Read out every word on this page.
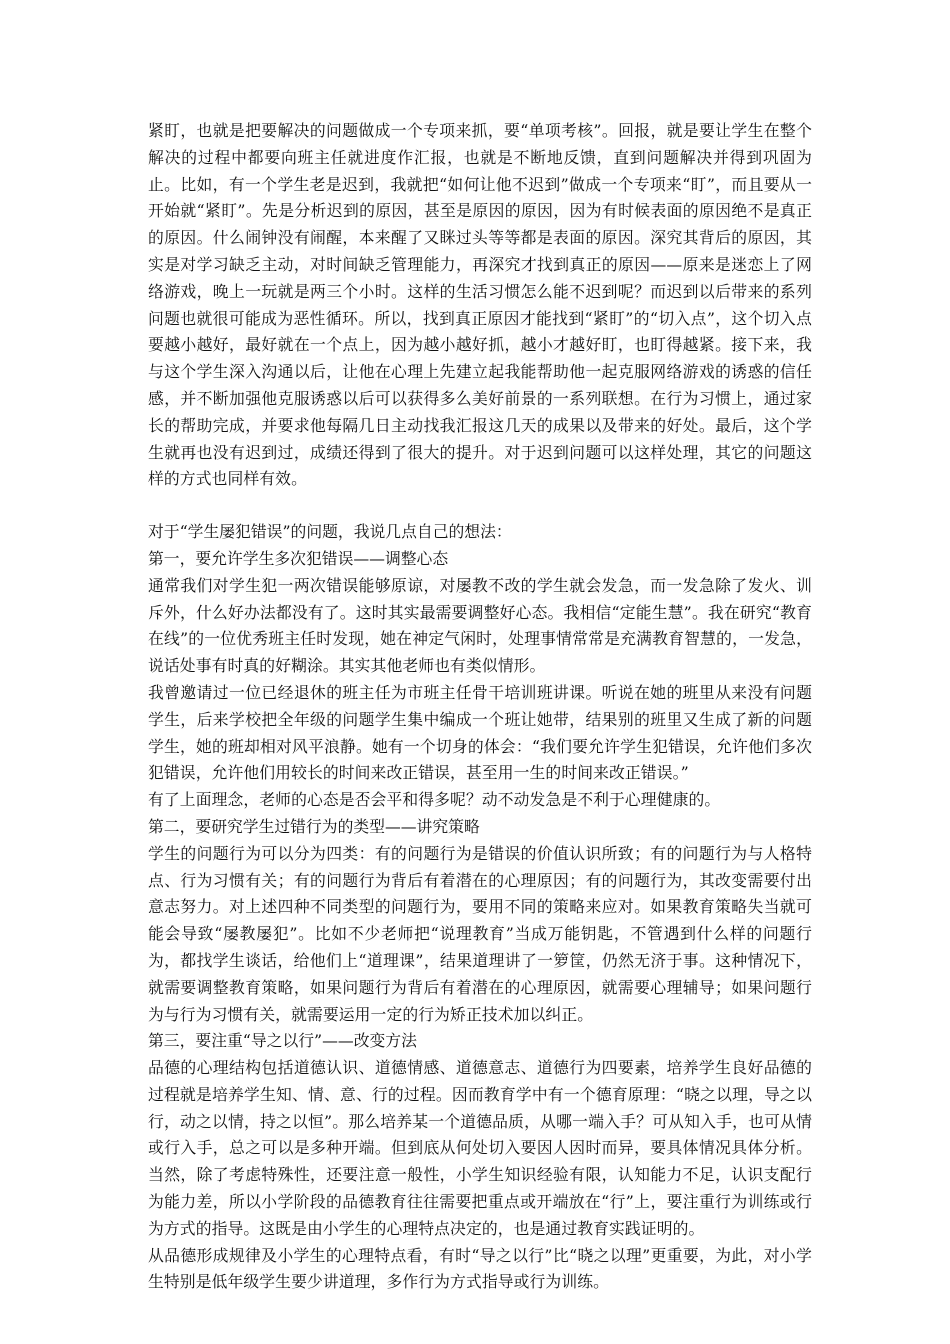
紧盯，也就是把要解决的问题做成一个专项来抓，要“单项考核”。回报，就是要让学生在整个解决的过程中都要向班主任就进度作汇报，也就是不断地反馈，直到问题解决并得到巩固为止。比如，有一个学生老是迟到，我就把“如何让他不迟到”做成一个专项来“盯”，而且要从一开始就“紧盯”。先是分析迟到的原因，甚至是原因的原因，因为有时候表面的原因绝不是真正的原因。什么闹钟没有闹醒，本来醒了又眯过头等等都是表面的原因。深究其背后的原因，其实是对学习缺乏主动，对时间缺乏管理能力，再深究才找到真正的原因——原来是迷恋上了网络游戏，晚上一玩就是两三个小时。这样的生活习惯怎么能不迟到呢？而迟到以后带来的系列问题也就很可能成为恶性循环。所以，找到真正原因才能找到“紧盯”的“切入点”，这个切入点要越小越好，最好就在一个点上，因为越小越好抓，越小才越好盯，也盯得越紧。接下来，我与这个学生深入沟通以后，让他在心理上先建立起我能帮助他一起克服网络游戏的诱惑的信任感，并不断加强他克服诱惑以后可以获得多么美好前景的一系列联想。在行为习惯上，通过家长的帮助完成，并要求他每隔几日主动找我汇报这几天的成果以及带来的好处。最后，这个学生就再也没有迟到过，成绩还得到了很大的提升。对于迟到问题可以这样处理，其它的问题这样的方式也同样有效。

对于“学生屡犯错误”的问题，我说几点自己的想法：

第一，要允许学生多次犯错误——调整心态

通常我们对学生犯一两次错误能够原谅，对屡教不改的学生就会发急，而一发急除了发火、训斥外，什么好办法都没有了。这时其实最需要调整好心态。我相信“定能生慧”。我在研究“教育在线”的一位优秀班主任时发现，她在神定气闲时，处理事情常常是充满教育智慧的，一发急，说话处事有时真的好糊涂。其实其他老师也有类似情形。

我曾邀请过一位已经退休的班主任为市班主任骨干培训班讲课。听说在她的班里从来没有问题学生，后来学校把全年级的问题学生集中编成一个班让她带，结果别的班里又生成了新的问题学生，她的班却相对风平浪静。她有一个切身的体会：“我们要允许学生犯错误，允许他们多次犯错误，允许他们用较长的时间来改正错误，甚至用一生的时间来改正错误。”

有了上面理念，老师的心态是否会平和得多呢？动不动发急是不利于心理健康的。

第二，要研究学生过错行为的类型——讲究策略

学生的问题行为可以分为四类：有的问题行为是错误的价值认识所致；有的问题行为与人格特点、行为习惯有关；有的问题行为背后有着潜在的心理原因；有的问题行为，其改变需要付出意志努力。对上述四种不同类型的问题行为，要用不同的策略来应对。如果教育策略失当就可能会导致“屡教屡犯”。比如不少老师把“说理教育”当成万能钥匙，不管遇到什么样的问题行为，都找学生谈话，给他们上“道理课”，结果道理讲了一箩筐，仍然无济于事。这种情况下，就需要调整教育策略，如果问题行为背后有着潜在的心理原因，就需要心理辅导；如果问题行为与行为习惯有关，就需要运用一定的行为矫正技术加以纠正。

第三，要注重“导之以行”——改变方法

品德的心理结构包括道德认识、道德情感、道德意志、道德行为四要素，培养学生良好品德的过程就是培养学生知、情、意、行的过程。因而教育学中有一个德育原理：“晓之以理，导之以行，动之以情，持之以恒”。那么培养某一个道德品质，从哪一端入手？可从知入手，也可从情或行入手，总之可以是多种开端。但到底从何处切入要因人因时而异，要具体情况具体分析。当然，除了考虑特殊性，还要注意一般性，小学生知识经验有限，认知能力不足，认识支配行为能力差，所以小学阶段的品德教育往往需要把重点或开端放在“行”上，要注重行为训练或行为方式的指导。这既是由小学生的心理特点决定的，也是通过教育实践证明的。

从品德形成规律及小学生的心理特点看，有时“导之以行”比“晓之以理”更重要，为此，对小学生特别是低年级学生要少讲道理，多作行为方式指导或行为训练。
